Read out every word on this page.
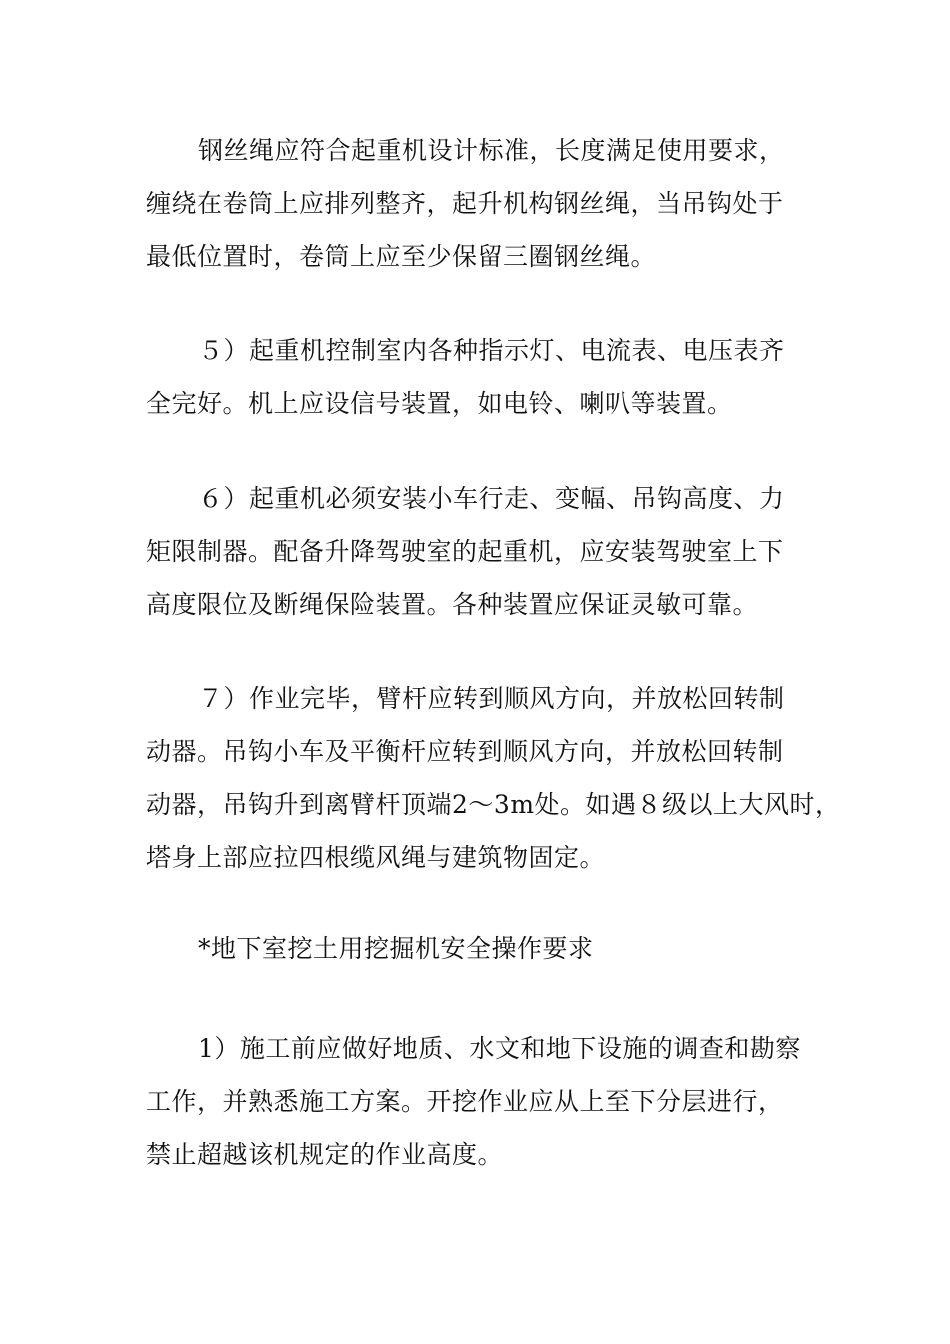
钢丝绳应符合起重机设计标准，长度满足使用要求，
缠绕在卷筒上应排列整齐，起升机构钢丝绳，当吊钩处于
最低位置时，卷筒上应至少保留三圈钢丝绳。

５）起重机控制室内各种指示灯、电流表、电压表齐
全完好。机上应设信号装置，如电铃、喇叭等装置。

６）起重机必须安装小车行走、变幅、吊钩高度、力
矩限制器。配备升降驾驶室的起重机，应安装驾驶室上下
高度限位及断绳保险装置。各种装置应保证灵敏可靠。

７）作业完毕，臂杆应转到顺风方向，并放松回转制
动器。吊钩小车及平衡杆应转到顺风方向，并放松回转制
动器，吊钩升到离臂杆顶端2～3m处。如遇８级以上大风时，
塔身上部应拉四根缆风绳与建筑物固定。

*地下室挖土用挖掘机安全操作要求

1）施工前应做好地质、水文和地下设施的调查和勘察
工作，并熟悉施工方案。开挖作业应从上至下分层进行，
禁止超越该机规定的作业高度。
